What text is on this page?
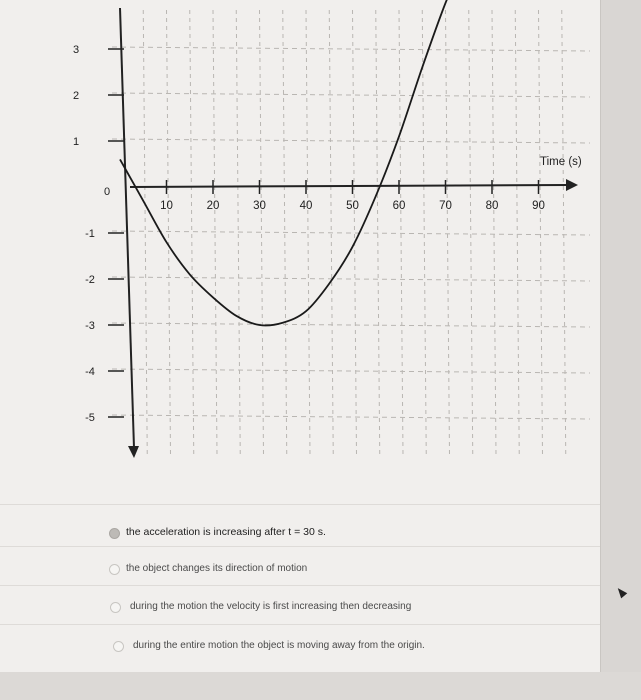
10	20	30	40	50	60	70	80	90
3
2
1
-1
-2
-3
-4
-5
0
Time (s)
the acceleration is increasing after t = 30 s.
the object changes its direction of motion
during the motion the velocity is first increasing then decreasing
during the entire motion the object is moving away from the origin.
